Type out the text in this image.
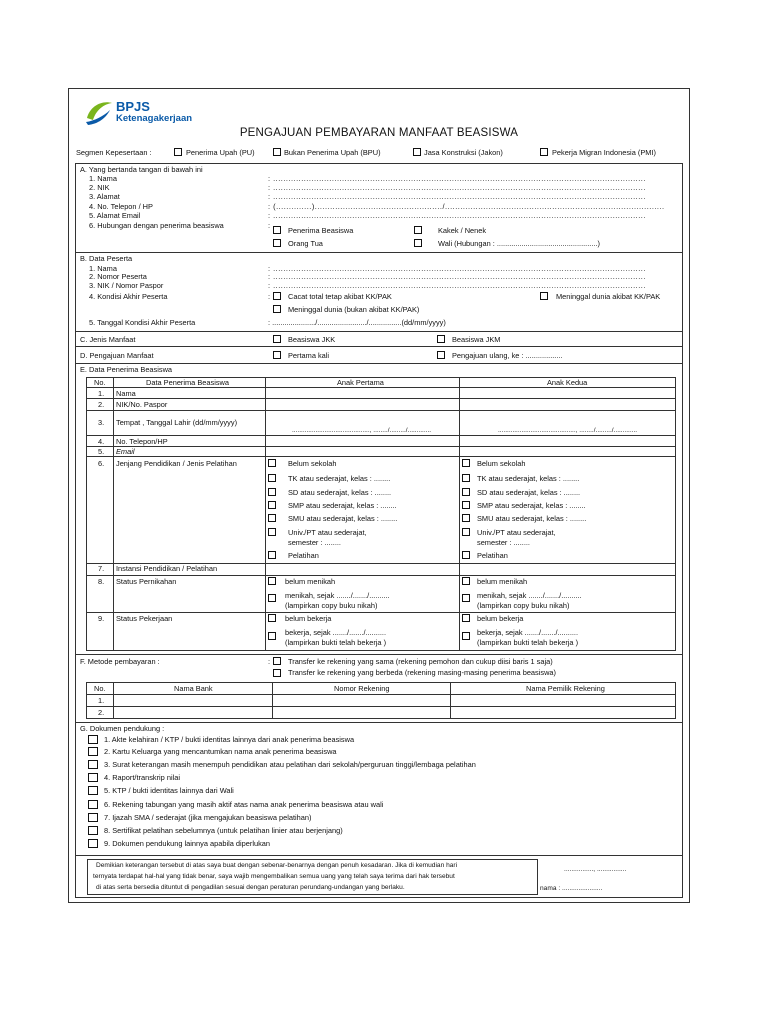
BPJS
Ketenagakerjaan
PENGAJUAN PEMBAYARAN MANFAAT BEASISWA
Segmen Kepesertaan :	Penerima Upah (PU)	Bukan Penerima Upah (BPU)	Jasa Konstruksi (Jakon)	Pekerja Migran Indonesia (PMI)
A. Yang bertanda tangan di bawah ini
1. Nama	: ..................................................................................................................................................
2. NIK	: ..................................................................................................................................................
3. Alamat	: ..................................................................................................................................................
4. No. Telepon / HP	: (..............)................................................../......................................................................................
5. Alamat Email	: ..................................................................................................................................................
6. Hubungan dengan penerima beasiswa	:
Penerima Beasiswa	Kakek / Nenek
Orang Tua	Wali (Hubungan : .................................................)
B. Data Peserta
1. Nama	: ..................................................................................................................................................
2. Nomor Peserta	: ..................................................................................................................................................
3. NIK / Nomor Paspor	: ..................................................................................................................................................
4. Kondisi Akhir Peserta	: Cacat total tetap akibat KK/PAK	Meninggal dunia akibat KK/PAK
Meninggal dunia (bukan akibat KK/PAK)
5. Tanggal Kondisi Akhir Peserta	: ...................../......................../................(dd/mm/yyyy)
C. Jenis Manfaat	Beasiswa JKK	Beasiswa JKM
D. Pengajuan Manfaat	Pertama kali	Pengajuan ulang, ke : ..................
E. Data Penerima Beasiswa
No.	Data Penerima Beasiswa	Anak Pertama	Anak Kedua
1. Nama
2. NIK/No. Paspor
3. Tempat , Tanggal Lahir (dd/mm/yyyy)
..........................................., ......../........./.............	..........................................., ......../........./.............
4. No. Telepon/HP
5. Email
6. Jenjang Pendidikan / Jenis Pelatihan	Belum sekolah
TK atau sederajat, kelas : ........
SD atau sederajat, kelas : ........
SMP atau sederajat, kelas : ........
SMU atau sederajat, kelas : ........
Univ./PT atau sederajat,
semester : ........
Pelatihan
Belum sekolah
TK atau sederajat, kelas : ........
SD atau sederajat, kelas : ........
SMP atau sederajat, kelas : ........
SMU atau sederajat, kelas : ........
Univ./PT atau sederajat,
semester : ........
Pelatihan
7. Instansi Pendidikan / Pelatihan
8. Status Pernikahan	belum menikah
menikah, sejak ......./......./..........
(lampirkan copy buku nikah)
belum menikah
menikah, sejak ......./......./..........
(lampirkan copy buku nikah)
9. Status Pekerjaan	belum bekerja
bekerja, sejak ......./......./..........
(lampirkan bukti telah bekerja )
belum bekerja
bekerja, sejak ......./......./..........
(lampirkan bukti telah bekerja )
F. Metode pembayaran :	: Transfer ke rekening yang sama (rekening pemohon dan cukup diisi baris 1 saja)
Transfer ke rekening yang berbeda (rekening masing-masing penerima beasiswa)
No.	Nama Bank	Nomor Rekening	Nama Pemilik Rekening
1.
2.
G. Dokumen pendukung :
1. Akte kelahiran / KTP / bukti identitas lainnya dari anak penerima beasiswa
2. Kartu Keluarga yang mencantumkan nama anak penerima beasiswa
3. Surat keterangan masih menempuh pendidikan atau pelatihan dari sekolah/perguruan tinggi/lembaga pelatihan
4. Raport/transkrip nilai
5. KTP / bukti identitas lainnya dari Wali
6. Rekening tabungan yang masih aktif atas nama anak penerima beasiswa atau wali
7. Ijazah SMA / sederajat (jika mengajukan beasiswa pelatihan)
8. Sertifikat pelatihan sebelumnya (untuk pelatihan linier atau berjenjang)
9. Dokumen pendukung lainnya apabila diperlukan
Demikian keterangan tersebut di atas saya buat dengan sebenar-benarnya dengan penuh kesadaran. Jika di kemudian hari
ternyata terdapat hal-hal yang tidak benar, saya wajib mengembalikan semua uang yang telah saya terima dari hak tersebut
di atas serta bersedia dituntut di pengadilan sesuai dengan peraturan perundang-undangan yang berlaku.
................, ................
nama : ......................
